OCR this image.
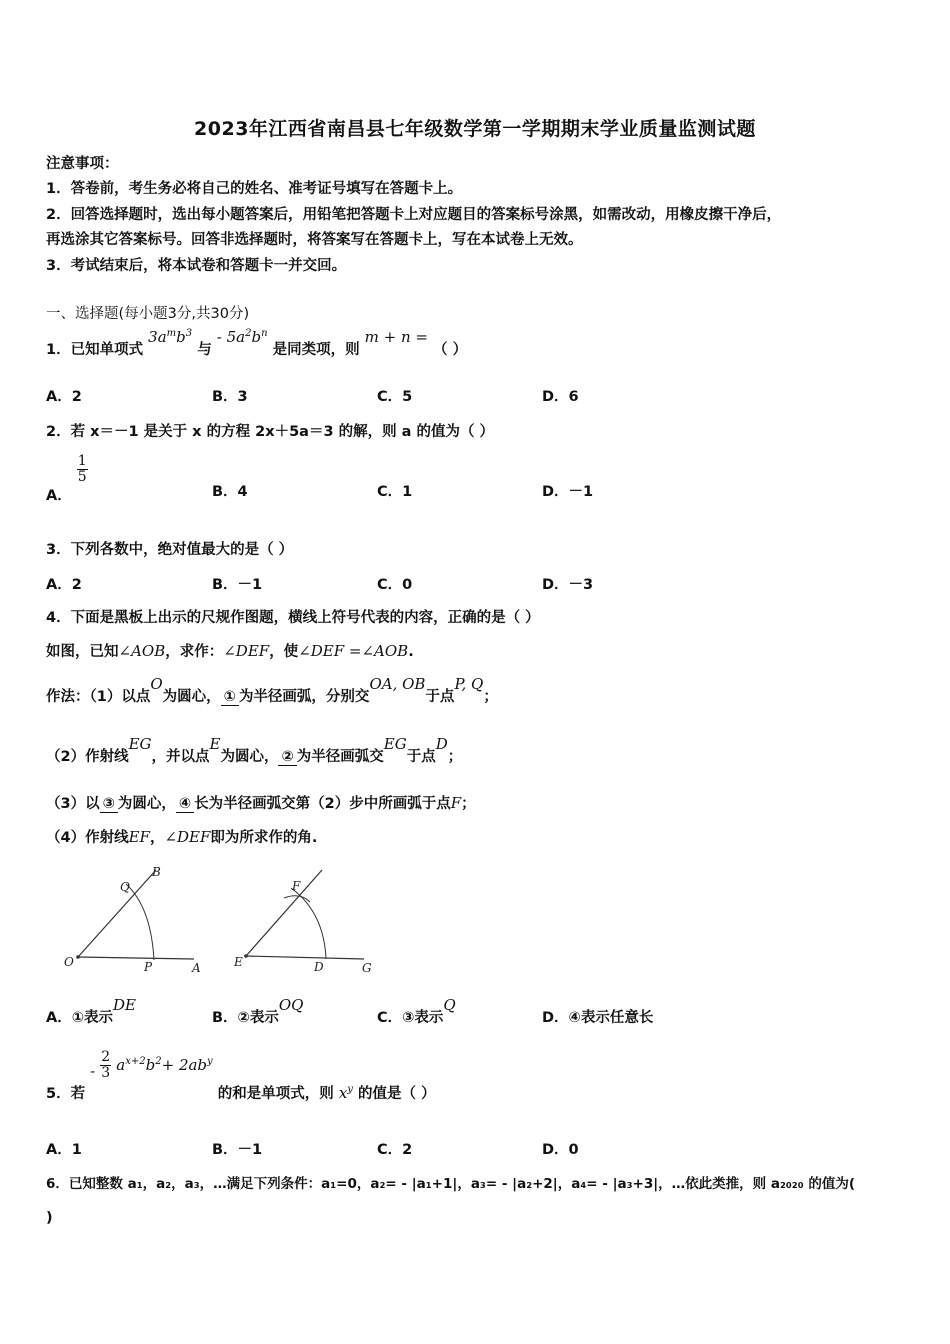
2023年江西省南昌县七年级数学第一学期期末学业质量监测试题
注意事项：
1．答卷前，考生务必将自己的姓名、准考证号填写在答题卡上。
2．回答选择题时，选出每小题答案后，用铅笔把答题卡上对应题目的答案标号涂黑，如需改动，用橡皮擦干净后，
再选涂其它答案标号。回答非选择题时，将答案写在答题卡上，写在本试卷上无效。
3．考试结束后，将本试卷和答题卡一并交回。
一、选择题(每小题3分,共30分)
1．已知单项式 $3a^mb^3$ 与 - $5a^2b^n$ 是同类项，则 m + n = （ ）
A．2	B．3	C．5	D．6
2．若 x＝－1 是关于 x 的方程 2x＋5a＝3 的解，则 a 的值为（ ）
A． $\frac{1}{5}$
B．4	C．1	D．－1
3．下列各数中，绝对值最大的是（ ）
A．2	B．－1	C．0	D．－3
4．下面是黑板上出示的尺规作图题，横线上符号代表的内容，正确的是（ ）
如图，已知∠AOB，求作：∠DEF，使∠DEF =∠AOB.
作法：（1）以点O为圆心， ① 为半径画弧，分别交OA, OB于点P, Q；
（2）作射线EG，并以点E为圆心， ② 为半径画弧交EG于点D；
（3）以 ③ 为圆心， ④ 长为半径画弧交第（2）步中所画弧于点F；
（4）作射线EF，∠DEF即为所求作的角.
O	P	A
Q
B
E	D	G
F
A．①表示DE
B．②表示OQ
C．③表示Q
D．④表示任意长
5．若 - $\frac{2}{3} a^{x+2}b^2+ 2ab^y$ 的和是单项式，则 $x^y$ 的值是（ ）
A．1	B．－1	C．2	D．0
6．已知整数 a₁，a₂，a₃，…满足下列条件：a₁=0，a₂= - |a₁+1|，a₃= - |a₂+2|，a₄= - |a₃+3|，…依此类推，则 a₂₀₂₀ 的值为(
)
